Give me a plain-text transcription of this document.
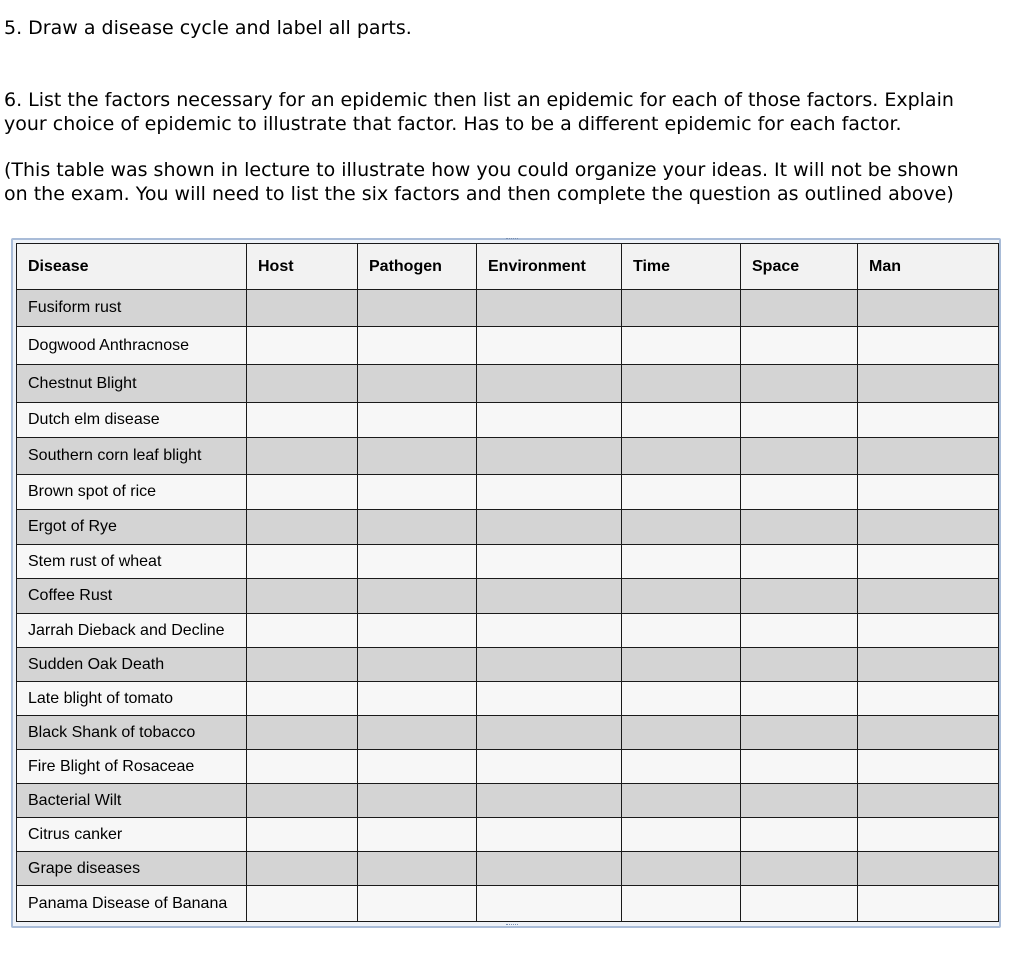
5. Draw a disease cycle and label all parts.

6. List the factors necessary for an epidemic then list an epidemic for each of those factors. Explain

your choice of epidemic to illustrate that factor. Has to be a different epidemic for each factor.

(This table was shown in lecture to illustrate how you could organize your ideas. It will not be shown

on the exam. You will need to list the six factors and then complete the question as outlined above)

Disease	Host	Pathogen	Environment	Time	Space	Man
Fusiform rust						
Dogwood Anthracnose						
Chestnut Blight						
Dutch elm disease						
Southern corn leaf blight						
Brown spot of rice						
Ergot of Rye						
Stem rust of wheat						
Coffee Rust						
Jarrah Dieback and Decline						
Sudden Oak Death						
Late blight of tomato						
Black Shank of tobacco						
Fire Blight of Rosaceae						
Bacterial Wilt						
Citrus canker						
Grape diseases						
Panama Disease of Banana						
